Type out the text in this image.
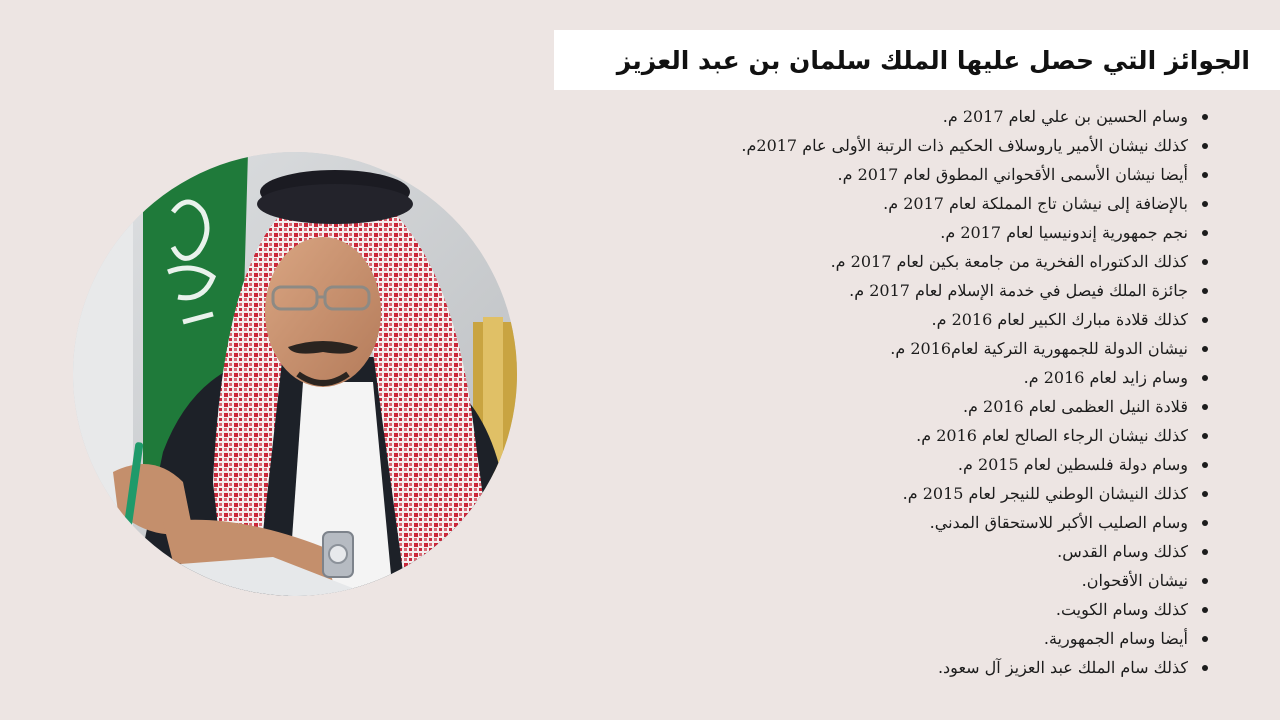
الجوائز التي حصل عليها الملك سلمان بن عبد العزيز
وسام الحسين بن علي لعام 2017 م.
كذلك نيشان الأمير ياروسلاف الحكيم ذات الرتبة الأولى عام 2017م.
أيضا نيشان الأسمى الأقحواني المطوق لعام 2017 م.
بالإضافة إلى نيشان تاج المملكة لعام 2017 م.
نجم جمهورية إندونيسيا لعام 2017 م.
كذلك الدكتوراه الفخرية من جامعة بكين لعام 2017 م.
جائزة الملك فيصل في خدمة الإسلام لعام 2017 م.
كذلك قلادة مبارك الكبير لعام 2016 م.
نيشان الدولة للجمهورية التركية لعام2016 م.
وسام زايد لعام 2016 م.
قلادة النيل العظمى لعام 2016 م.
كذلك نيشان الرجاء الصالح لعام 2016 م.
وسام دولة فلسطين لعام 2015 م.
كذلك النيشان الوطني للنيجر لعام 2015 م.
وسام الصليب الأكبر للاستحقاق المدني.
كذلك وسام القدس.
نيشان الأقحوان.
كذلك وسام الكويت.
أيضا وسام الجمهورية.
كذلك سام الملك عبد العزيز آل سعود.
